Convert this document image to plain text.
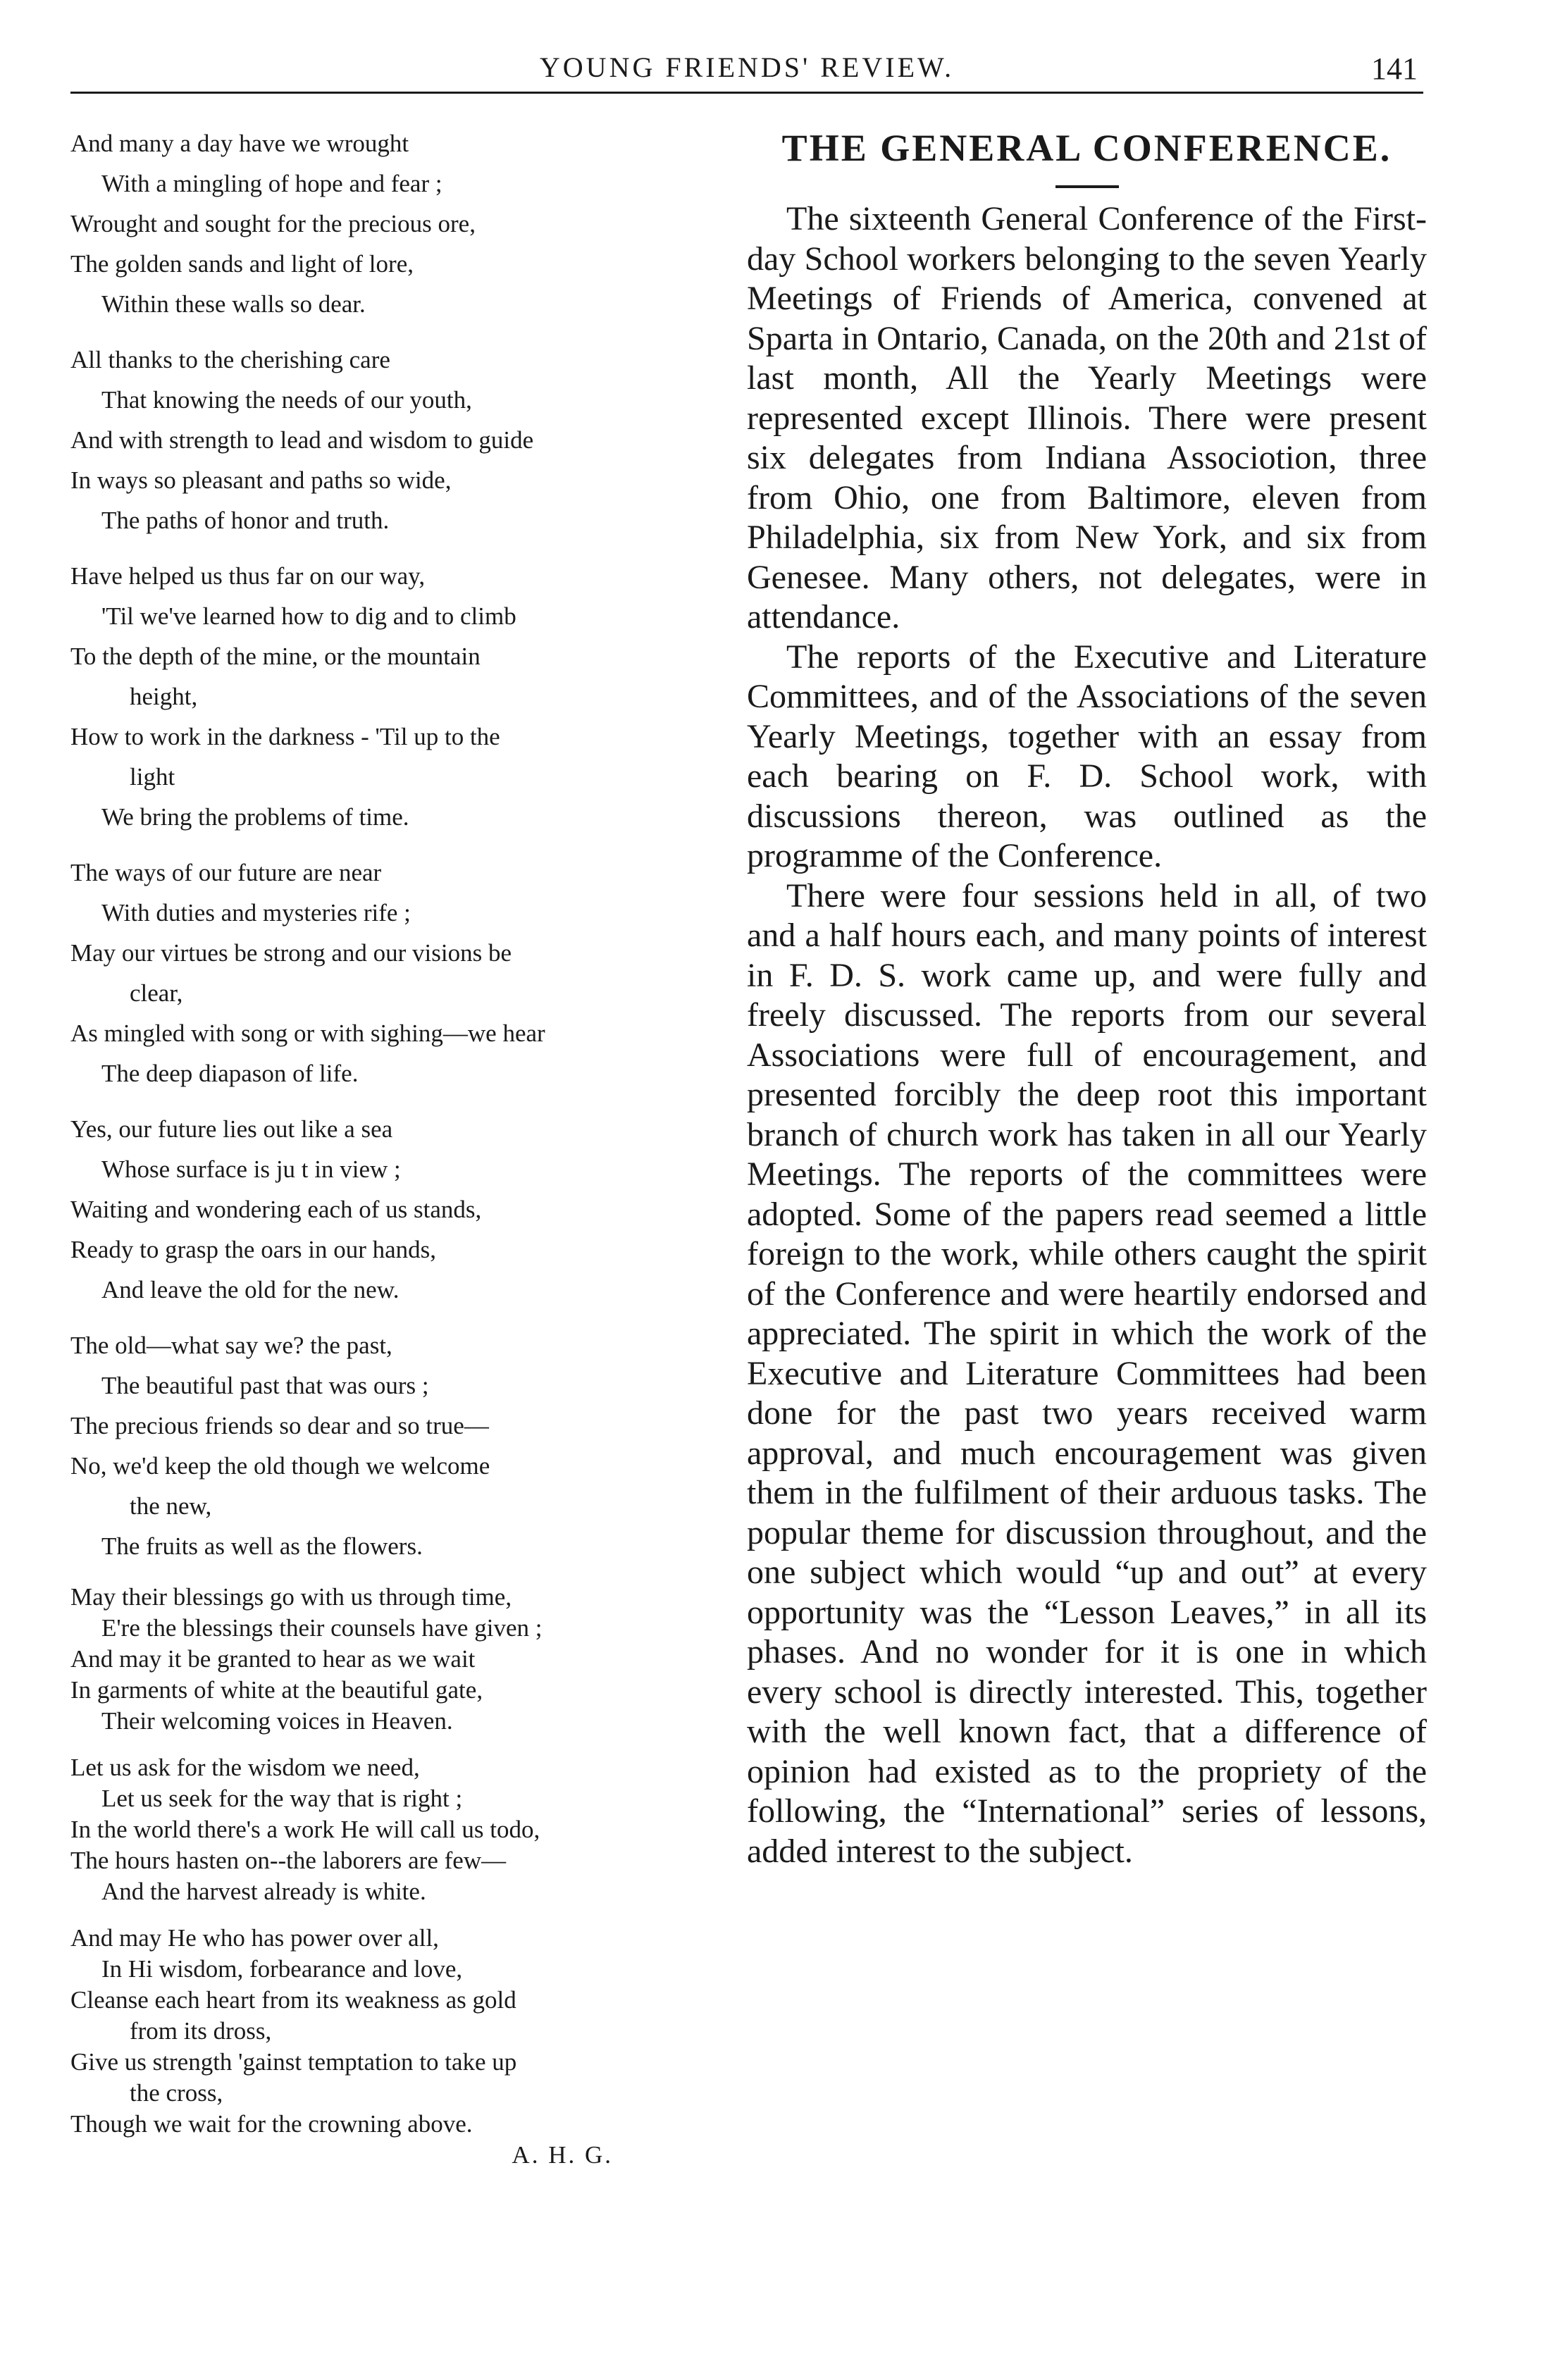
YOUNG FRIENDS' REVIEW.	141
And many a day have we wrought
With a mingling of hope and fear ;
Wrought and sought for the precious ore,
The golden sands and light of lore,
Within these walls so dear.
All thanks to the cherishing care
That knowing the needs of our youth,
And with strength to lead and wisdom to guide
In ways so pleasant and paths so wide,
The paths of honor and truth.
Have helped us thus far on our way,
'Til we've learned how to dig and to climb
To the depth of the mine, or the mountain
height,
How to work in the darkness - 'Til up to the
light
We bring the problems of time.
The ways of our future are near
With duties and mysteries rife ;
May our virtues be strong and our visions be
clear,
As mingled with song or with sighing—we hear
The deep diapason of life.
Yes, our future lies out like a sea
Whose surface is ju t in view ;
Waiting and wondering each of us stands,
Ready to grasp the oars in our hands,
And leave the old for the new.
The old—what say we? the past,
The beautiful past that was ours ;
The precious friends so dear and so true—
No, we'd keep the old though we welcome
the new,
The fruits as well as the flowers.
May their blessings go with us through time,
E're the blessings their counsels have given ;
And may it be granted to hear as we wait
In garments of white at the beautiful gate,
Their welcoming voices in Heaven.
Let us ask for the wisdom we need,
Let us seek for the way that is right ;
In the world there's a work He will call us todo,
The hours hasten on--the laborers are few—
And the harvest already is white.
And may He who has power over all,
In Hi wisdom, forbearance and love,
Cleanse each heart from its weakness as gold
from its dross,
Give us strength 'gainst temptation to take up
the cross,
Though we wait for the crowning above.
A. H. G.
THE GENERAL CONFERENCE.

The sixteenth General Conference of the First-day School workers belonging to the seven Yearly Meetings of Friends of America, convened at Sparta in Ontario, Canada, on the 20th and 21st of last month, All the Yearly Meetings were represented except Illinois. There were present six delegates from Indiana Associotion, three from Ohio, one from Baltimore, eleven from Philadelphia, six from New York, and six from Genesee. Many others, not delegates, were in attendance.

The reports of the Executive and Literature Committees, and of the Associations of the seven Yearly Meetings, together with an essay from each bearing on F. D. School work, with discussions thereon, was outlined as the programme of the Conference.

There were four sessions held in all, of two and a half hours each, and many points of interest in F. D. S. work came up, and were fully and freely discussed. The reports from our several Associations were full of encouragement, and presented forcibly the deep root this important branch of church work has taken in all our Yearly Meetings. The reports of the committees were adopted. Some of the papers read seemed a little foreign to the work, while others caught the spirit of the Conference and were heartily endorsed and appreciated. The spirit in which the work of the Executive and Literature Committees had been done for the past two years received warm approval, and much encouragement was given them in the fulfilment of their arduous tasks. The popular theme for discussion throughout, and the one subject which would “up and out” at every opportunity was the “Lesson Leaves,” in all its phases. And no wonder for it is one in which every school is directly interested. This, together with the well known fact, that a difference of opinion had existed as to the propriety of the following, the “International” series of lessons, added interest to the subject.
